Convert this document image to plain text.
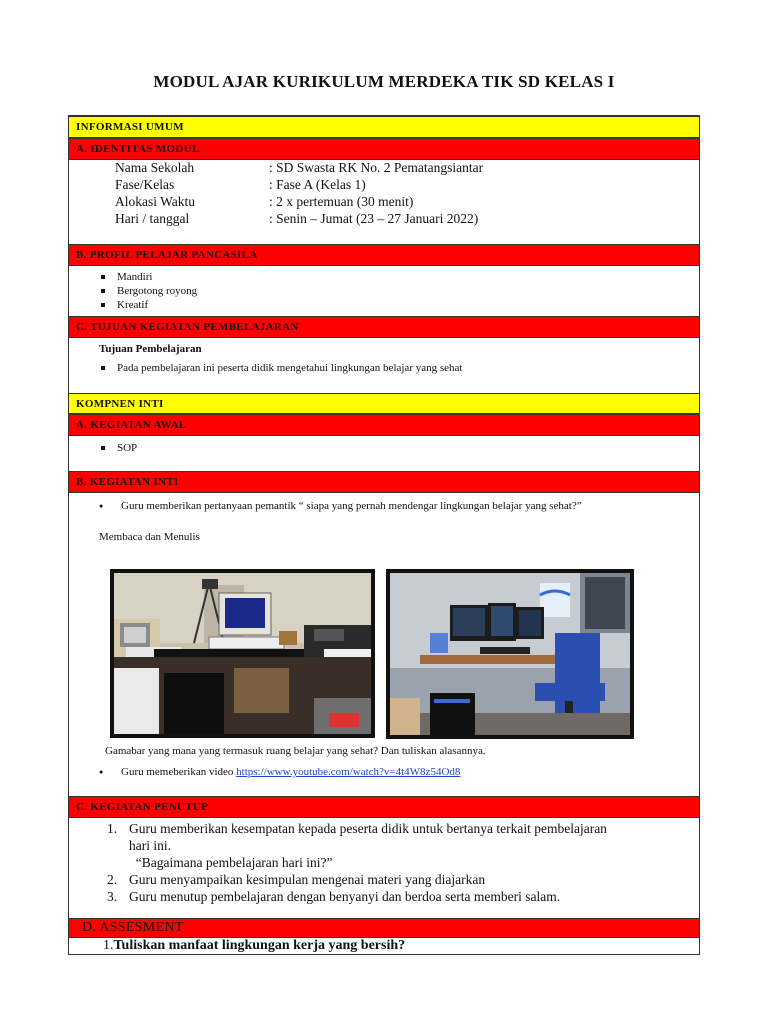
MODUL AJAR KURIKULUM MERDEKA TIK SD KELAS I
INFORMASI UMUM
A. IDENTITAS MODUL
Nama Sekolah	: SD Swasta RK No. 2 Pematangsiantar
Fase/Kelas	: Fase A (Kelas 1)
Alokasi Waktu	: 2 x pertemuan (30 menit)
Hari / tanggal	: Senin – Jumat (23 – 27 Januari 2022)
B. PROFIL PELAJAR PANCASILA
Mandiri
Bergotong royong
Kreatif
C. TUJUAN KEGIATAN PEMBELAJARAN
Tujuan Pembelajaran
Pada pembelajaran ini peserta didik mengetahui lingkungan belajar yang sehat
KOMPNEN INTI
A. KEGIATAN AWAL
SOP
B. KEGIATAN INTI
● Guru memberikan pertanyaan pemantik “ siapa yang pernah mendengar lingkungan belajar yang sehat?”
Membaca dan Menulis
Gamabar yang mana yang termasuk ruang belajar yang sehat? Dan tuliskan alasannya.
● Guru memeberikan video https://www.youtube.com/watch?v=4t4W8z54Od8
C. KEGIATAN PENUTUP
1. Guru memberikan kesempatan kepada peserta didik untuk bertanya terkait pembelajaran
hari ini.
“Bagaimana pembelajaran hari ini?”
2. Guru menyampaikan kesimpulan mengenai materi yang diajarkan
3. Guru menutup pembelajaran dengan benyanyi dan berdoa serta memberi salam.
D. ASSESMENT
1.Tuliskan manfaat lingkungan kerja yang bersih?
